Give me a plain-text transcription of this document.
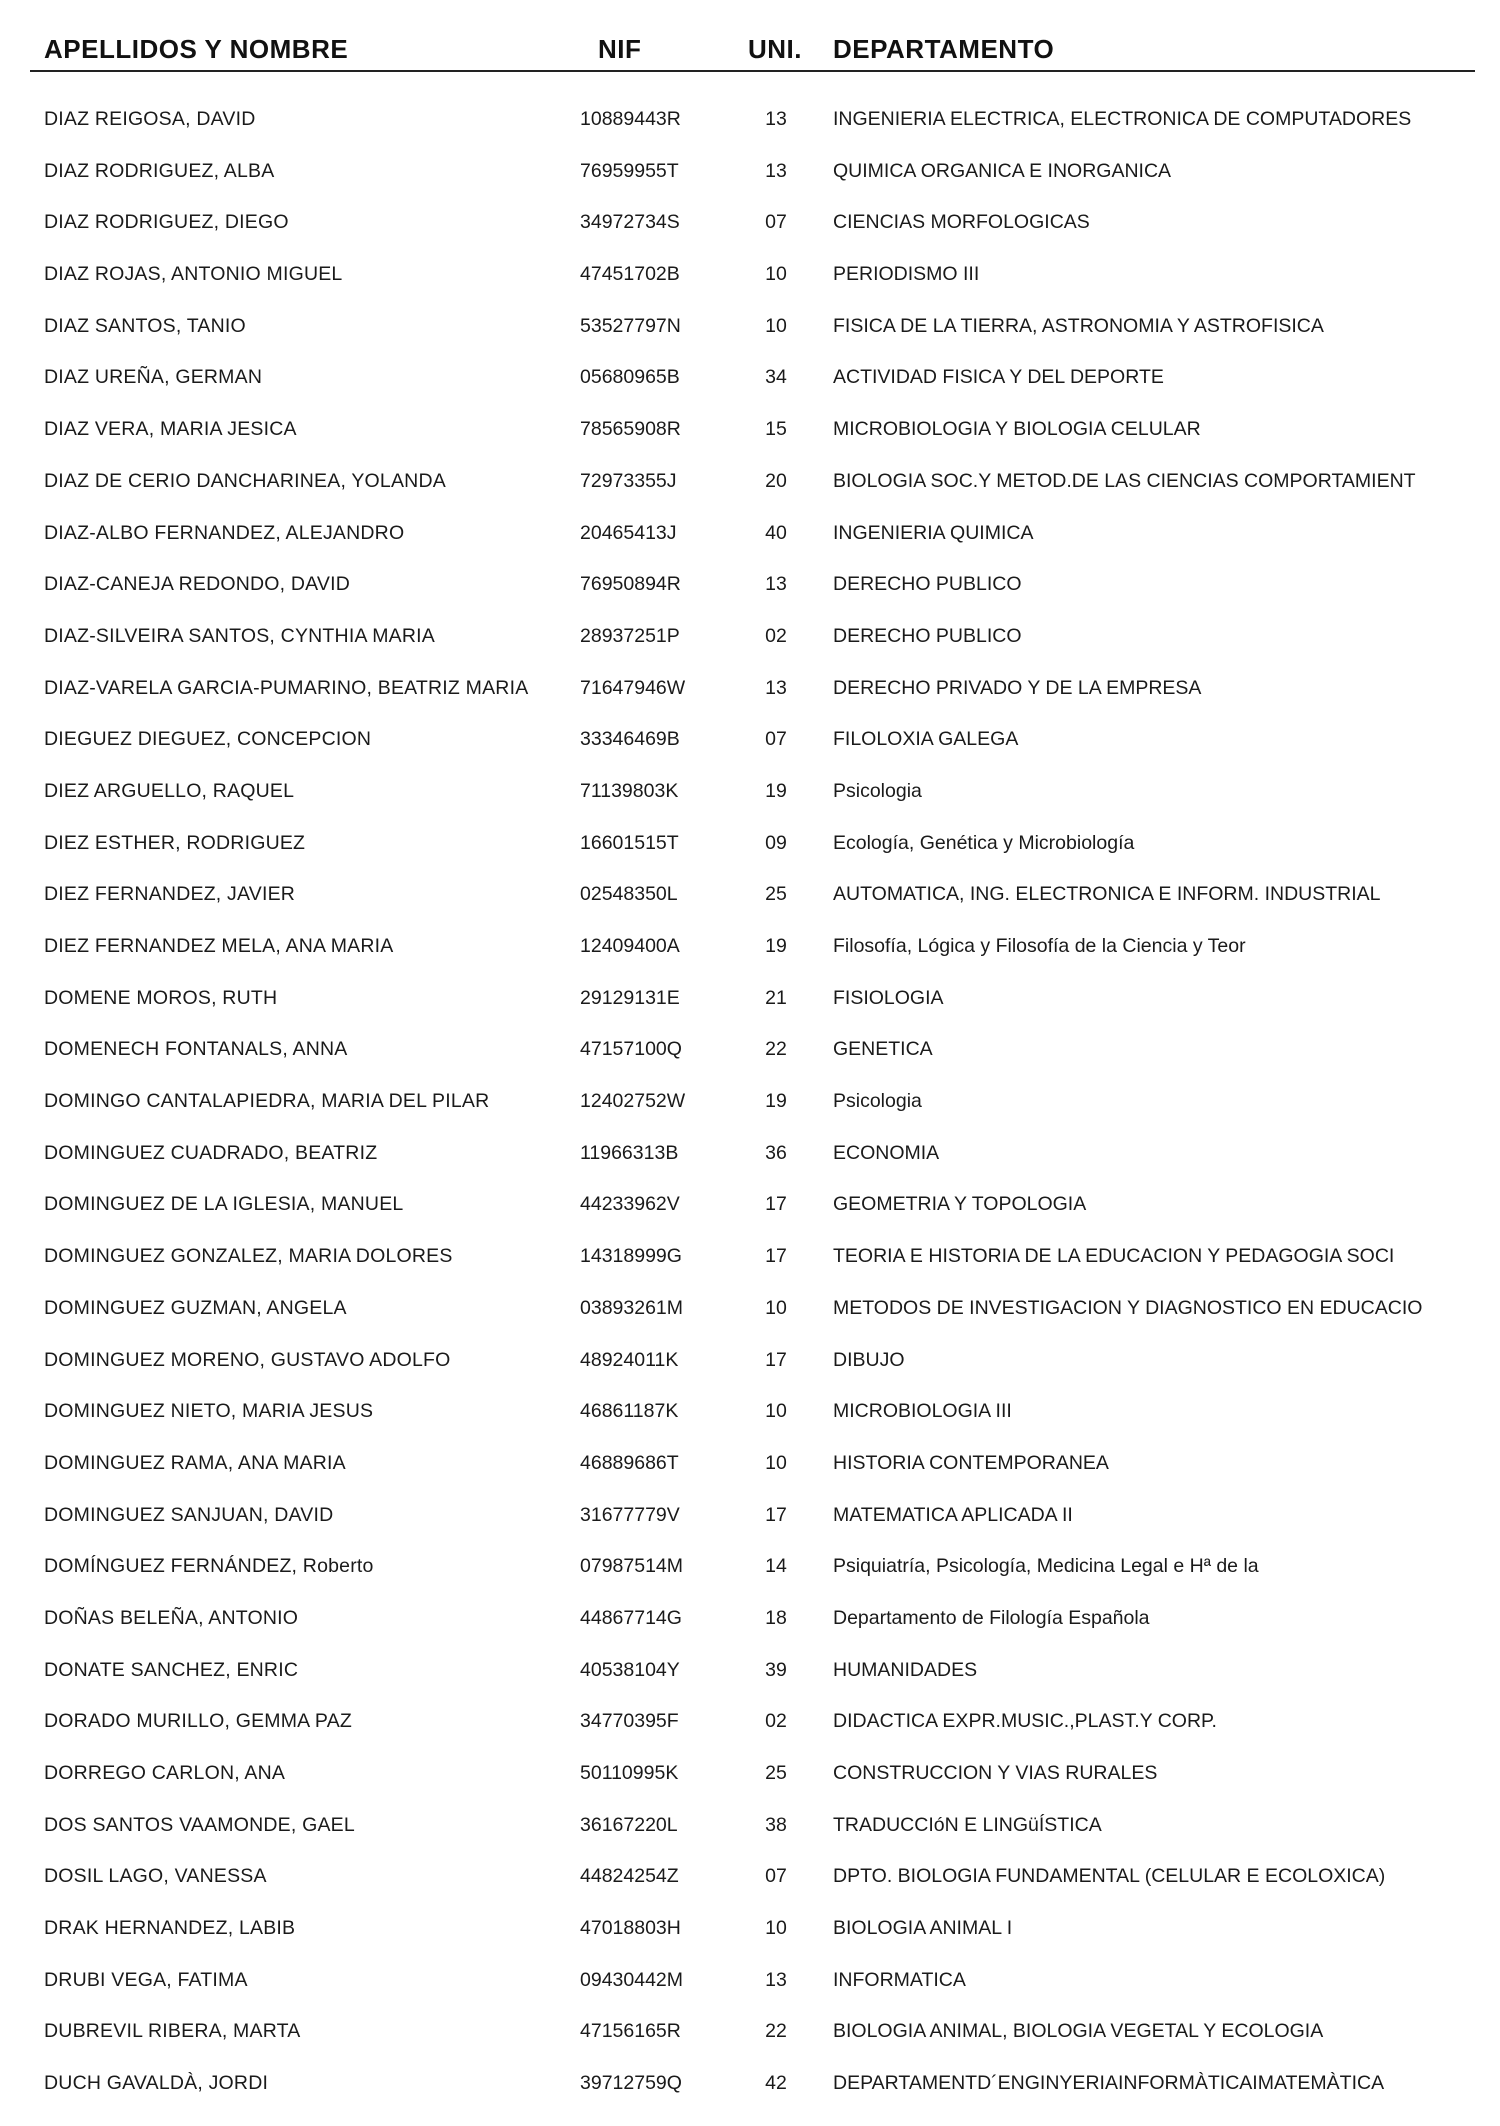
APELLIDOS Y NOMBRE	NIF	UNI. DEPARTAMENTO
DIAZ REIGOSA, DAVID	10889443R	13	INGENIERIA ELECTRICA, ELECTRONICA DE COMPUTADORES
DIAZ RODRIGUEZ, ALBA	76959955T	13	QUIMICA ORGANICA E INORGANICA
DIAZ RODRIGUEZ, DIEGO	34972734S	07	CIENCIAS MORFOLOGICAS
DIAZ ROJAS, ANTONIO MIGUEL	47451702B	10	PERIODISMO III
DIAZ SANTOS, TANIO	53527797N	10	FISICA DE LA TIERRA, ASTRONOMIA Y ASTROFISICA
DIAZ UREÑA, GERMAN	05680965B	34	ACTIVIDAD FISICA Y DEL DEPORTE
DIAZ VERA, MARIA JESICA	78565908R	15	MICROBIOLOGIA Y BIOLOGIA CELULAR
DIAZ DE CERIO DANCHARINEA, YOLANDA	72973355J	20	BIOLOGIA SOC.Y METOD.DE LAS CIENCIAS COMPORTAMIENT
DIAZ-ALBO FERNANDEZ, ALEJANDRO	20465413J	40	INGENIERIA QUIMICA
DIAZ-CANEJA REDONDO, DAVID	76950894R	13	DERECHO PUBLICO
DIAZ-SILVEIRA SANTOS, CYNTHIA MARIA	28937251P	02	DERECHO PUBLICO
DIAZ-VARELA GARCIA-PUMARINO, BEATRIZ MARIA	71647946W	13	DERECHO PRIVADO Y DE LA EMPRESA
DIEGUEZ DIEGUEZ, CONCEPCION	33346469B	07	FILOLOXIA GALEGA
DIEZ ARGUELLO, RAQUEL	71139803K	19	Psicologia
DIEZ ESTHER, RODRIGUEZ	16601515T	09	Ecología, Genética y Microbiología
DIEZ FERNANDEZ, JAVIER	02548350L	25	AUTOMATICA, ING. ELECTRONICA E INFORM. INDUSTRIAL
DIEZ FERNANDEZ MELA, ANA MARIA	12409400A	19	Filosofía, Lógica y Filosofía de la Ciencia y Teor
DOMENE MOROS, RUTH	29129131E	21	FISIOLOGIA
DOMENECH FONTANALS, ANNA	47157100Q	22	GENETICA
DOMINGO CANTALAPIEDRA, MARIA DEL PILAR	12402752W	19	Psicologia
DOMINGUEZ CUADRADO, BEATRIZ	11966313B	36	ECONOMIA
DOMINGUEZ DE LA IGLESIA, MANUEL	44233962V	17	GEOMETRIA Y TOPOLOGIA
DOMINGUEZ GONZALEZ, MARIA DOLORES	14318999G	17	TEORIA E HISTORIA DE LA EDUCACION Y PEDAGOGIA SOCI
DOMINGUEZ GUZMAN, ANGELA	03893261M	10	METODOS DE INVESTIGACION Y DIAGNOSTICO EN EDUCACIO
DOMINGUEZ MORENO, GUSTAVO ADOLFO	48924011K	17	DIBUJO
DOMINGUEZ NIETO, MARIA JESUS	46861187K	10	MICROBIOLOGIA III
DOMINGUEZ RAMA, ANA MARIA	46889686T	10	HISTORIA CONTEMPORANEA
DOMINGUEZ SANJUAN, DAVID	31677779V	17	MATEMATICA APLICADA II
DOMÍNGUEZ FERNÁNDEZ, Roberto	07987514M	14	Psiquiatría, Psicología, Medicina Legal e Hª de la
DOÑAS BELEÑA, ANTONIO	44867714G	18	Departamento de Filología Española
DONATE SANCHEZ, ENRIC	40538104Y	39	HUMANIDADES
DORADO MURILLO, GEMMA PAZ	34770395F	02	DIDACTICA EXPR.MUSIC.,PLAST.Y CORP.
DORREGO CARLON, ANA	50110995K	25	CONSTRUCCION Y VIAS RURALES
DOS SANTOS VAAMONDE, GAEL	36167220L	38	TRADUCCIóN E LINGüÍSTICA
DOSIL LAGO, VANESSA	44824254Z	07	DPTO. BIOLOGIA FUNDAMENTAL (CELULAR E ECOLOXICA)
DRAK HERNANDEZ, LABIB	47018803H	10	BIOLOGIA ANIMAL I
DRUBI VEGA, FATIMA	09430442M	13	INFORMATICA
DUBREVIL RIBERA, MARTA	47156165R	22	BIOLOGIA ANIMAL, BIOLOGIA VEGETAL Y ECOLOGIA
DUCH GAVALDÀ, JORDI	39712759Q	42	DEPARTAMENTD´ENGINYERIAINFORMÀTICAIMATEMÀTICA
